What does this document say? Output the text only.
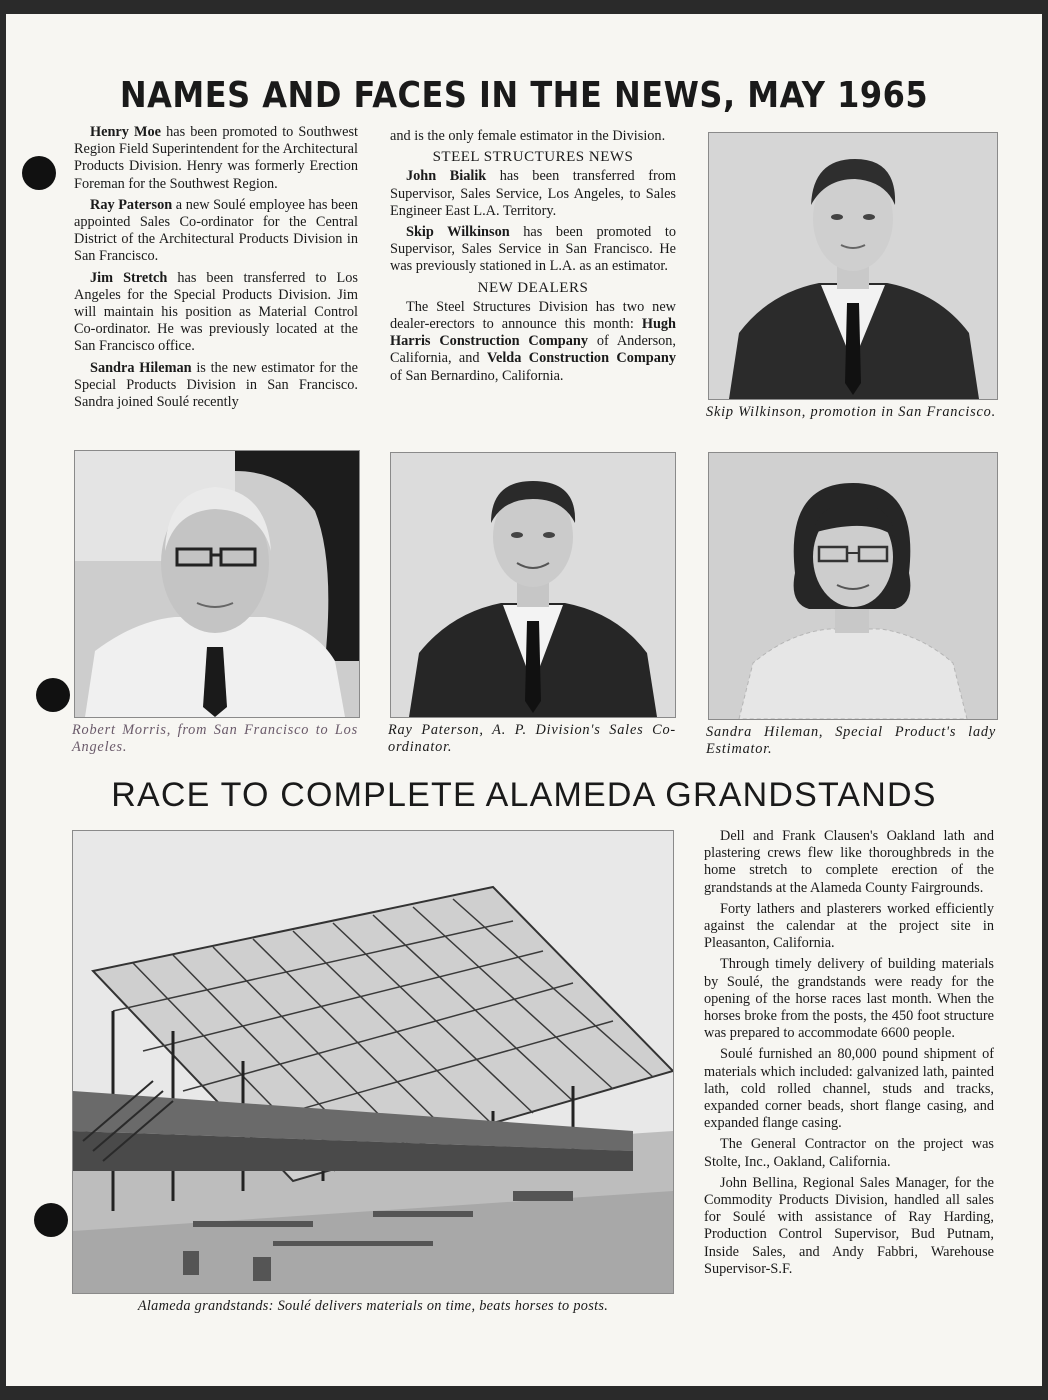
NAMES AND FACES IN THE NEWS, MAY 1965

Henry Moe has been promoted to Southwest Region Field Superintendent for the Architectural Products Division. Henry was formerly Erection Foreman for the Southwest Region.

Ray Paterson a new Soulé employee has been appointed Sales Co-ordinator for the Central District of the Architectural Products Division in San Francisco.

Jim Stretch has been transferred to Los Angeles for the Special Products Division. Jim will maintain his position as Material Control Co-ordinator. He was previously located at the San Francisco office.

Sandra Hileman is the new estimator for the Special Products Division in San Francisco. Sandra joined Soulé recently

and is the only female estimator in the Division.

STEEL STRUCTURES NEWS

John Bialik has been transferred from Supervisor, Sales Service, Los Angeles, to Sales Engineer East L.A. Territory.

Skip Wilkinson has been promoted to Supervisor, Sales Service in San Francisco. He was previously stationed in L.A. as an estimator.

NEW DEALERS

The Steel Structures Division has two new dealer-erectors to announce this month: Hugh Harris Construction Company of Anderson, California, and Velda Construction Company of San Bernardino, California.

Skip Wilkinson, promotion in San Francisco.
Robert Morris, from San Francisco to Los Angeles.
Ray Paterson, A. P. Division's Sales Co-ordinator.
Sandra Hileman, Special Product's lady Estimator.
RACE TO COMPLETE ALAMEDA GRANDSTANDS
Alameda grandstands: Soulé delivers materials on time, beats horses to posts.

Dell and Frank Clausen's Oakland lath and plastering crews flew like thoroughbreds in the home stretch to complete erection of the grandstands at the Alameda County Fairgrounds.

Forty lathers and plasterers worked efficiently against the calendar at the project site in Pleasanton, California.

Through timely delivery of building materials by Soulé, the grandstands were ready for the opening of the horse races last month. When the horses broke from the posts, the 450 foot structure was prepared to accommodate 6600 people.

Soulé furnished an 80,000 pound shipment of materials which included: galvanized lath, painted lath, cold rolled channel, studs and tracks, expanded corner beads, short flange casing, and expanded flange casing.

The General Contractor on the project was Stolte, Inc., Oakland, California.

John Bellina, Regional Sales Manager, for the Commodity Products Division, handled all sales for Soulé with assistance of Ray Harding, Production Control Supervisor, Bud Putnam, Inside Sales, and Andy Fabbri, Warehouse Supervisor-S.F.
